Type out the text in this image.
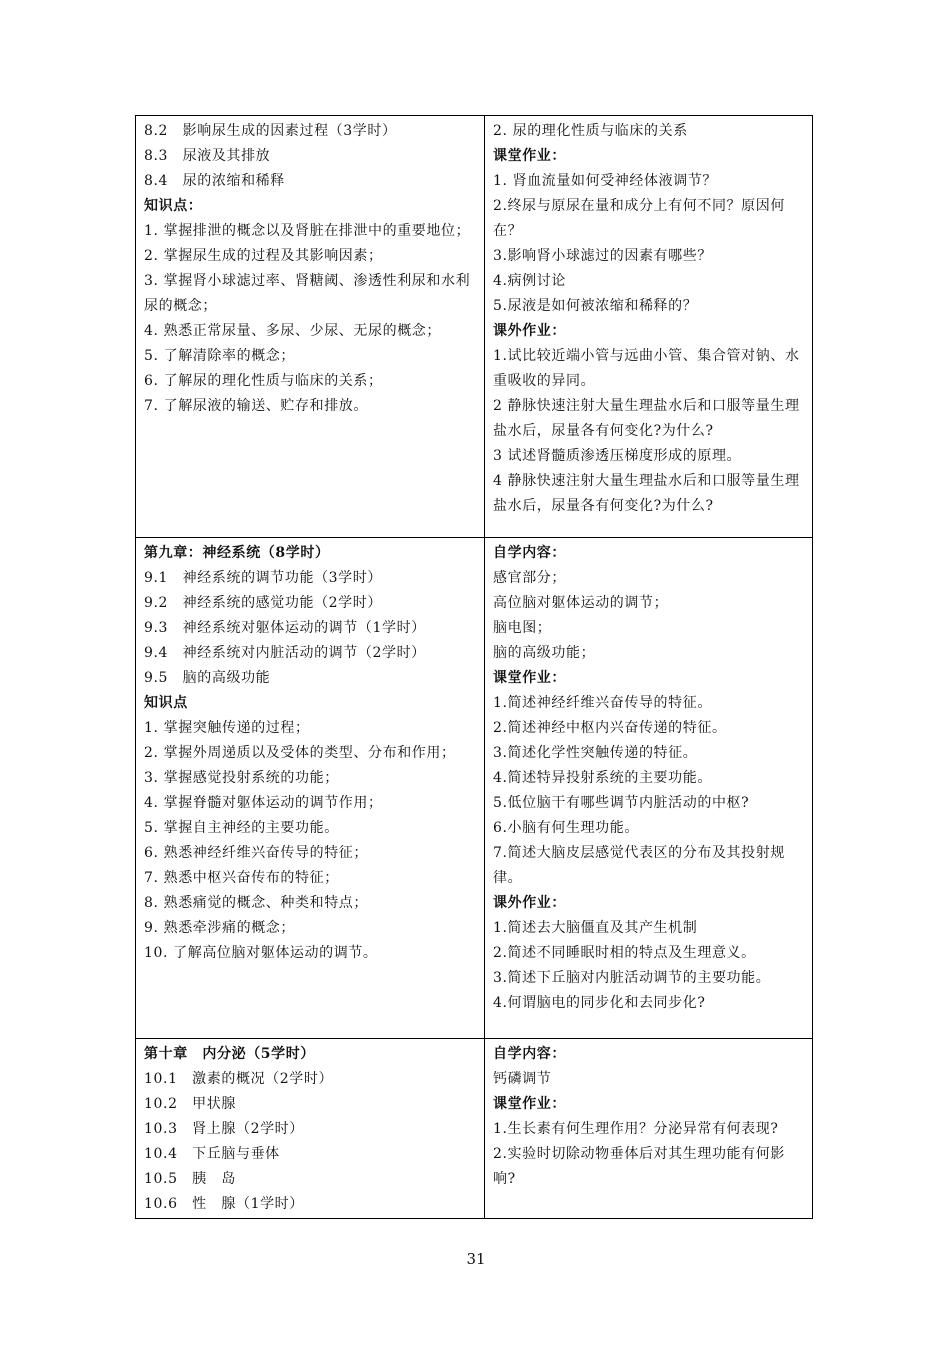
8.2　影响尿生成的因素过程（3学时）
8.3　尿液及其排放
8.4　尿的浓缩和稀释
知识点：
1. 掌握排泄的概念以及肾脏在排泄中的重要地位；
2. 掌握尿生成的过程及其影响因素；
3. 掌握肾小球滤过率、肾糖阈、渗透性利尿和水利尿的概念；
4. 熟悉正常尿量、多尿、少尿、无尿的概念；
5. 了解清除率的概念；
6. 了解尿的理化性质与临床的关系；
7. 了解尿液的输送、贮存和排放。
2. 尿的理化性质与临床的关系
课堂作业：
1. 肾血流量如何受神经体液调节？
2.终尿与原尿在量和成分上有何不同？原因何在？
3.影响肾小球滤过的因素有哪些？
4.病例讨论
5.尿液是如何被浓缩和稀释的？
课外作业：
1.试比较近端小管与远曲小管、集合管对钠、水重吸收的异同。
2 静脉快速注射大量生理盐水后和口服等量生理盐水后，尿量各有何变化?为什么?
3 试述肾髓质渗透压梯度形成的原理。
4 静脉快速注射大量生理盐水后和口服等量生理盐水后，尿量各有何变化?为什么?
第九章：神经系统（8学时）
9.1　神经系统的调节功能（3学时）
9.2　神经系统的感觉功能（2学时）
9.3　神经系统对躯体运动的调节（1学时）
9.4　神经系统对内脏活动的调节（2学时）
9.5　脑的高级功能
知识点
1. 掌握突触传递的过程；
2. 掌握外周递质以及受体的类型、分布和作用；
3. 掌握感觉投射系统的功能；
4. 掌握脊髓对躯体运动的调节作用；
5. 掌握自主神经的主要功能。
6. 熟悉神经纤维兴奋传导的特征；
7. 熟悉中枢兴奋传布的特征；
8. 熟悉痛觉的概念、种类和特点；
9. 熟悉牵涉痛的概念；
10. 了解高位脑对躯体运动的调节。
自学内容：
感官部分；
高位脑对躯体运动的调节；
脑电图；
脑的高级功能；
课堂作业：
1.简述神经纤维兴奋传导的特征。
2.简述神经中枢内兴奋传递的特征。
3.简述化学性突触传递的特征。
4.简述特异投射系统的主要功能。
5.低位脑干有哪些调节内脏活动的中枢?
6.小脑有何生理功能。
7.简述大脑皮层感觉代表区的分布及其投射规律。
课外作业：
1.简述去大脑僵直及其产生机制
2.简述不同睡眠时相的特点及生理意义。
3.简述下丘脑对内脏活动调节的主要功能。
4.何谓脑电的同步化和去同步化?
第十章　内分泌（5学时）
10.1　激素的概况（2学时）
10.2　甲状腺
10.3　肾上腺（2学时）
10.4　下丘脑与垂体
10.5　胰　岛
10.6　性　腺（1学时）
自学内容：
钙磷调节
课堂作业：
1.生长素有何生理作用？分泌异常有何表现?
2.实验时切除动物垂体后对其生理功能有何影响?
31
